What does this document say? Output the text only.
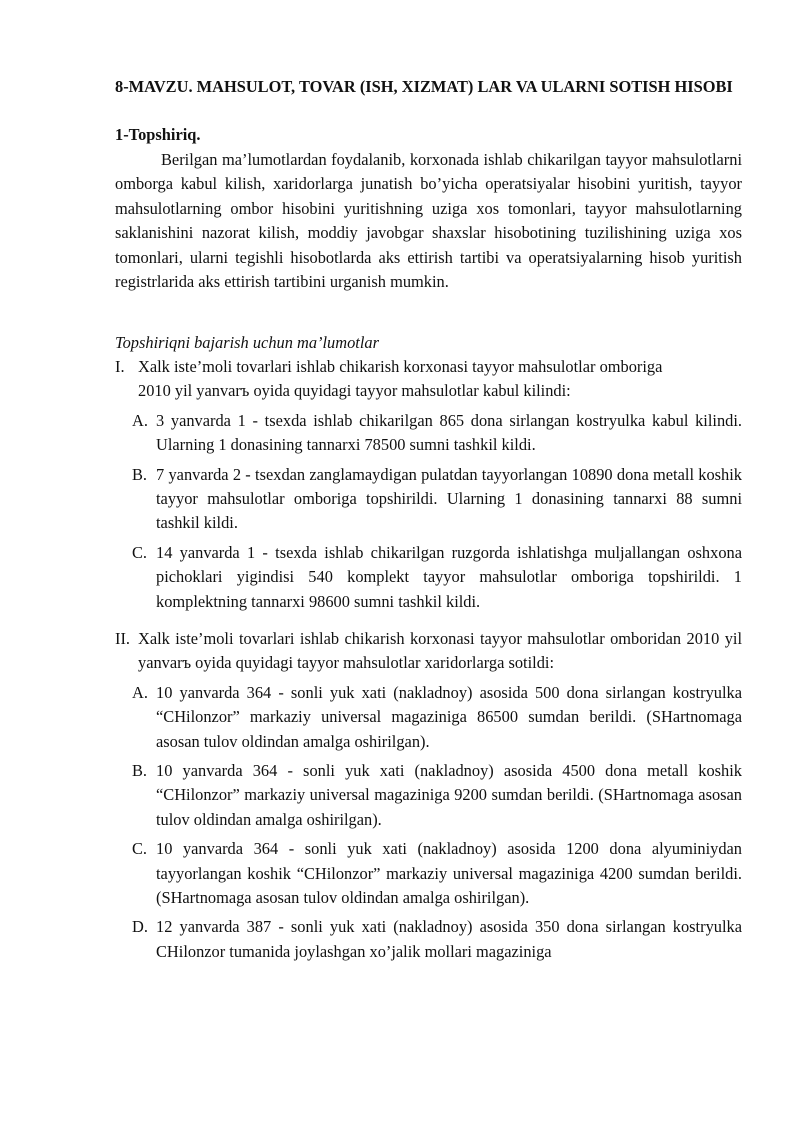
8-MAVZU. MAHSULOT, TOVAR (ISH, XIZMAT) LAR VA ULARNI SOTISH HISOBI
1-Topshiriq.
Berilgan ma’lumotlardan foydalanib, korxonada ishlab chikarilgan tayyor mahsulotlarni omborga kabul kilish, xaridorlarga junatish bo’yicha operatsiyalar hisobini yuritish, tayyor mahsulotlarning ombor hisobini yuritishning uziga xos tomonlari, tayyor mahsulotlarning saklanishini nazorat kilish, moddiy javobgar shaxslar hisobotining tuzilishining uziga xos tomonlari, ularni tegishli hisobotlarda aks ettirish tartibi va operatsiyalarning hisob yuritish registrlarida aks ettirish tartibini urganish mumkin.
Topshiriqni bajarish uchun ma’lumotlar
I. Xalk iste’moli tovarlari ishlab chikarish korxonasi tayyor mahsulotlar omboriga
2010 yil yanvarъ oyida quyidagi tayyor mahsulotlar kabul kilindi:
A. 3 yanvarda 1 - tsexda ishlab chikarilgan 865 dona sirlangan kostryulka kabul kilindi. Ularning 1 donasining tannarxi 78500 sumni tashkil kildi.
B. 7 yanvarda 2 - tsexdan zanglamaydigan pulatdan tayyorlangan 10890 dona metall koshik tayyor mahsulotlar omboriga topshirildi. Ularning 1 donasining tannarxi 88 sumni tashkil kildi.
C. 14 yanvarda 1 - tsexda ishlab chikarilgan ruzgorda ishlatishga muljallangan oshxona pichoklari yigindisi 540 komplekt tayyor mahsulotlar omboriga topshirildi. 1 komplektning tannarxi 98600 sumni tashkil kildi.
II. Xalk iste’moli tovarlari ishlab chikarish korxonasi tayyor mahsulotlar omboridan 2010 yil yanvarъ oyida quyidagi tayyor mahsulotlar xaridorlarga sotildi:
A. 10 yanvarda 364 - sonli yuk xati (nakladnoy) asosida 500 dona sirlangan kostryulka “CHilonzor” markaziy universal magaziniga 86500 sumdan berildi. (SHartnomaga asosan tulov oldindan amalga oshirilgan).
B. 10 yanvarda 364 - sonli yuk xati (nakladnoy) asosida 4500 dona metall koshik “CHilonzor” markaziy universal magaziniga 9200 sumdan berildi. (SHartnomaga asosan tulov oldindan amalga oshirilgan).
C. 10 yanvarda 364 - sonli yuk xati (nakladnoy) asosida 1200 dona alyuminiydan tayyorlangan koshik “CHilonzor” markaziy universal magaziniga 4200 sumdan berildi. (SHartnomaga asosan tulov oldindan amalga oshirilgan).
D. 12 yanvarda 387 - sonli yuk xati (nakladnoy) asosida 350 dona sirlangan kostryulka CHilonzor tumanida joylashgan xo’jalik mollari magaziniga
